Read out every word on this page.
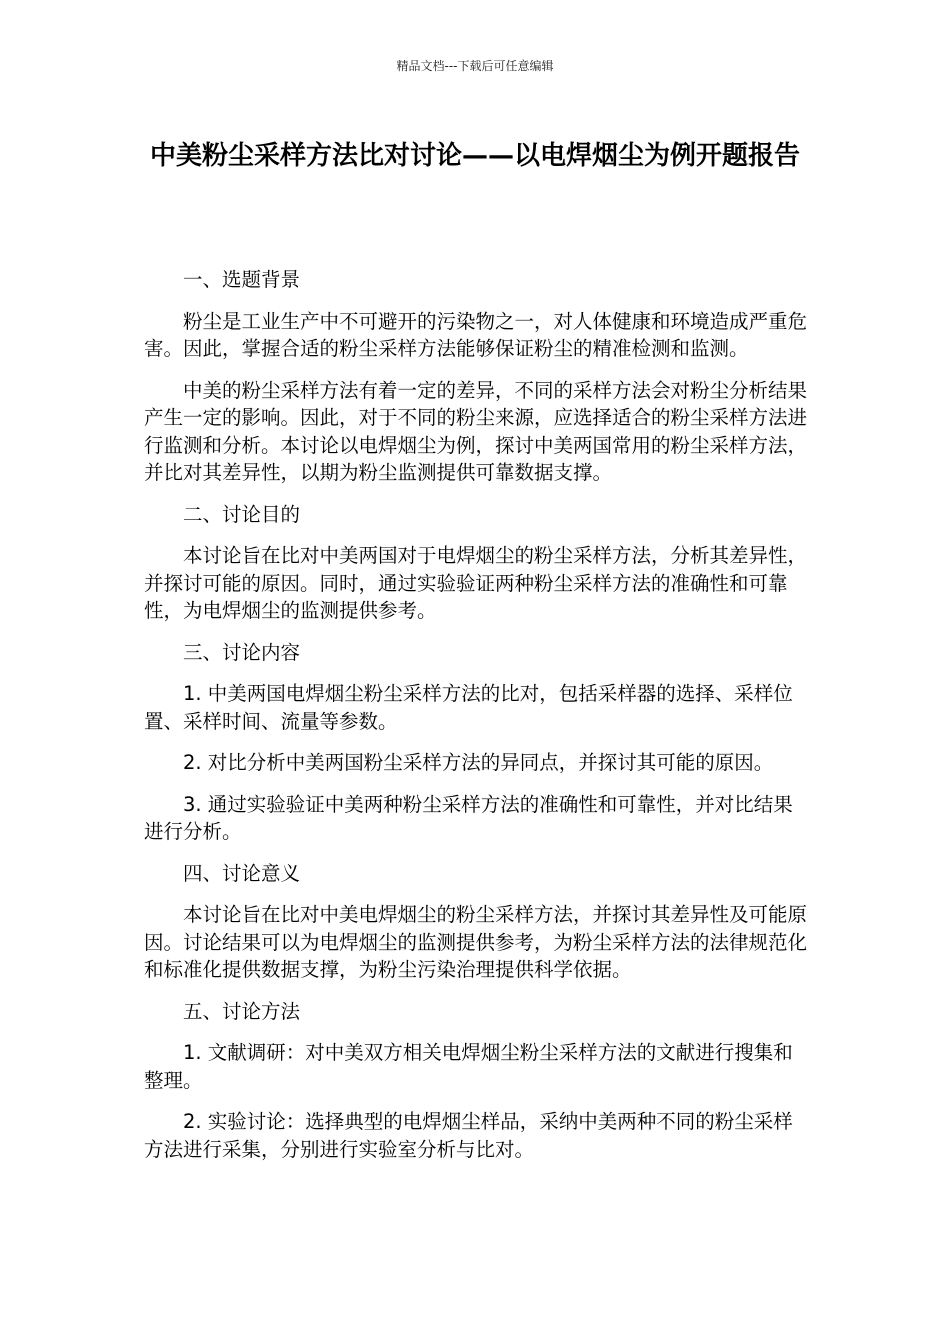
精品文档---下载后可任意编辑
中美粉尘采样方法比对讨论——以电焊烟尘为例开题报告

一、选题背景

粉尘是工业生产中不可避开的污染物之一，对人体健康和环境造成严重危害。因此，掌握合适的粉尘采样方法能够保证粉尘的精准检测和监测。

中美的粉尘采样方法有着一定的差异，不同的采样方法会对粉尘分析结果产生一定的影响。因此，对于不同的粉尘来源，应选择适合的粉尘采样方法进行监测和分析。本讨论以电焊烟尘为例，探讨中美两国常用的粉尘采样方法，并比对其差异性，以期为粉尘监测提供可靠数据支撑。

二、讨论目的

本讨论旨在比对中美两国对于电焊烟尘的粉尘采样方法，分析其差异性，并探讨可能的原因。同时，通过实验验证两种粉尘采样方法的准确性和可靠性，为电焊烟尘的监测提供参考。

三、讨论内容

1. 中美两国电焊烟尘粉尘采样方法的比对，包括采样器的选择、采样位置、采样时间、流量等参数。

2. 对比分析中美两国粉尘采样方法的异同点，并探讨其可能的原因。

3. 通过实验验证中美两种粉尘采样方法的准确性和可靠性，并对比结果进行分析。

四、讨论意义

本讨论旨在比对中美电焊烟尘的粉尘采样方法，并探讨其差异性及可能原因。讨论结果可以为电焊烟尘的监测提供参考，为粉尘采样方法的法律规范化和标准化提供数据支撑，为粉尘污染治理提供科学依据。

五、讨论方法

1. 文献调研：对中美双方相关电焊烟尘粉尘采样方法的文献进行搜集和整理。

2. 实验讨论：选择典型的电焊烟尘样品，采纳中美两种不同的粉尘采样方法进行采集，分别进行实验室分析与比对。
